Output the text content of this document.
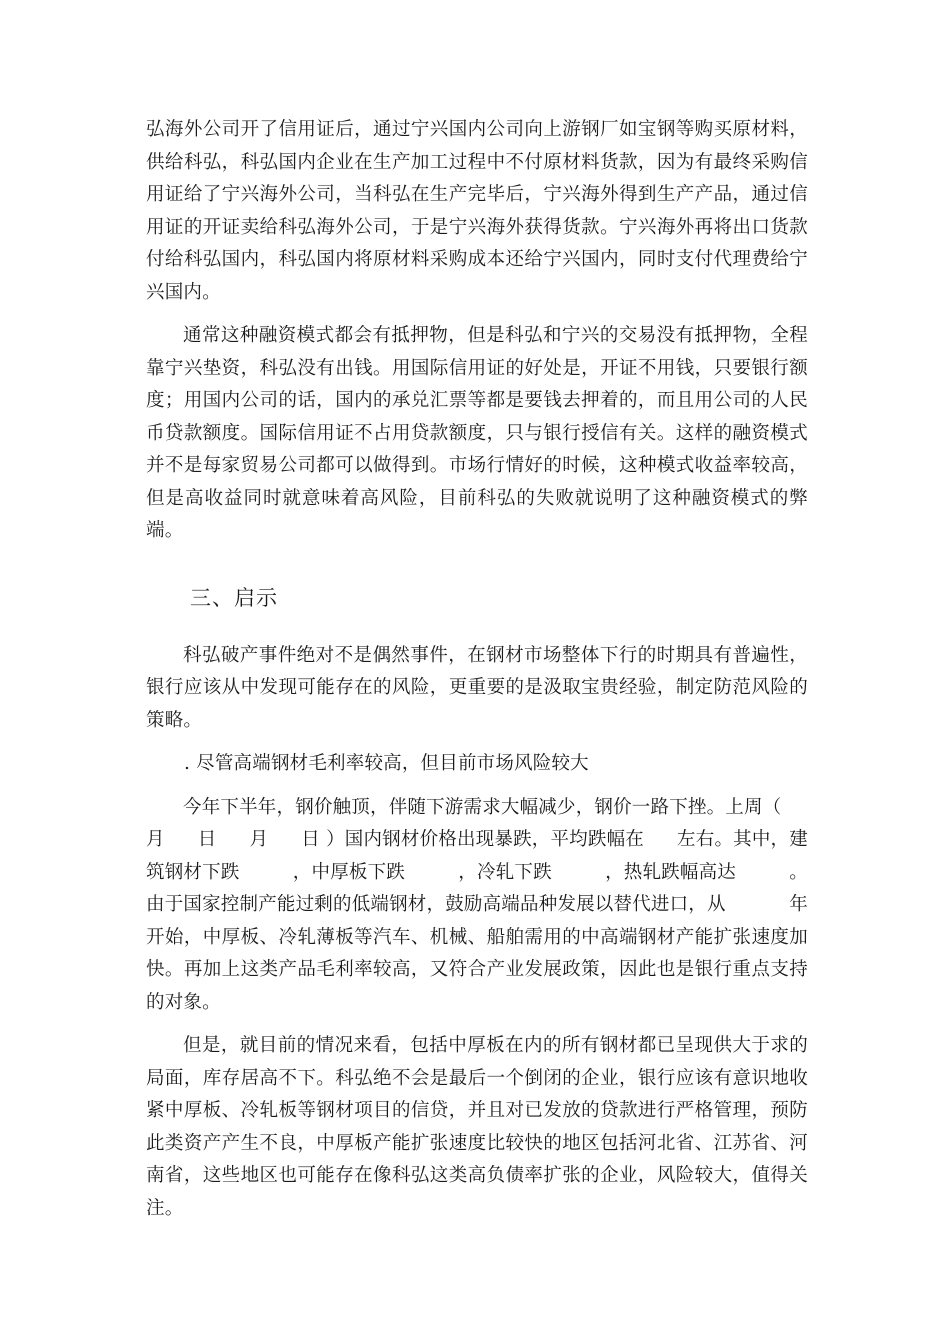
弘海外公司开了信用证后，通过宁兴国内公司向上游钢厂如宝钢等购买原材料，供给科弘，科弘国内企业在生产加工过程中不付原材料货款，因为有最终采购信用证给了宁兴海外公司，当科弘在生产完毕后，宁兴海外得到生产产品，通过信用证的开证卖给科弘海外公司，于是宁兴海外获得货款。宁兴海外再将出口货款付给科弘国内，科弘国内将原材料采购成本还给宁兴国内，同时支付代理费给宁兴国内。

通常这种融资模式都会有抵押物，但是科弘和宁兴的交易没有抵押物，全程靠宁兴垫资，科弘没有出钱。用国际信用证的好处是，开证不用钱，只要银行额度；用国内公司的话，国内的承兑汇票等都是要钱去押着的，而且用公司的人民币贷款额度。国际信用证不占用贷款额度，只与银行授信有关。这样的融资模式并不是每家贸易公司都可以做得到。市场行情好的时候，这种模式收益率较高，但是高收益同时就意味着高风险，目前科弘的失败就说明了这种融资模式的弊端。

三、启示

科弘破产事件绝对不是偶然事件，在钢材市场整体下行的时期具有普遍性，银行应该从中发现可能存在的风险，更重要的是汲取宝贵经验，制定防范风险的策略。

. 尽管高端钢材毛利率较高，但目前市场风险较大

今年下半年，钢价触顶，伴随下游需求大幅减少，钢价一路下挫。上周（
月 日 月 日 ）国内钢材价格出现暴跌，平均跌幅在 左右。其中，建
筑钢材下跌	，中厚板下跌	，冷轧下跌	，热轧跌幅高达	。
由于国家控制产能过剩的低端钢材，鼓励高端品种发展以替代进口，从	年
开始，中厚板、冷轧薄板等汽车、机械、船舶需用的中高端钢材产能扩张速度加快。再加上这类产品毛利率较高，又符合产业发展政策，因此也是银行重点支持的对象。

但是，就目前的情况来看，包括中厚板在内的所有钢材都已呈现供大于求的局面，库存居高不下。科弘绝不会是最后一个倒闭的企业，银行应该有意识地收紧中厚板、冷轧板等钢材项目的信贷，并且对已发放的贷款进行严格管理，预防此类资产产生不良，中厚板产能扩张速度比较快的地区包括河北省、江苏省、河南省，这些地区也可能存在像科弘这类高负债率扩张的企业，风险较大，值得关注。
